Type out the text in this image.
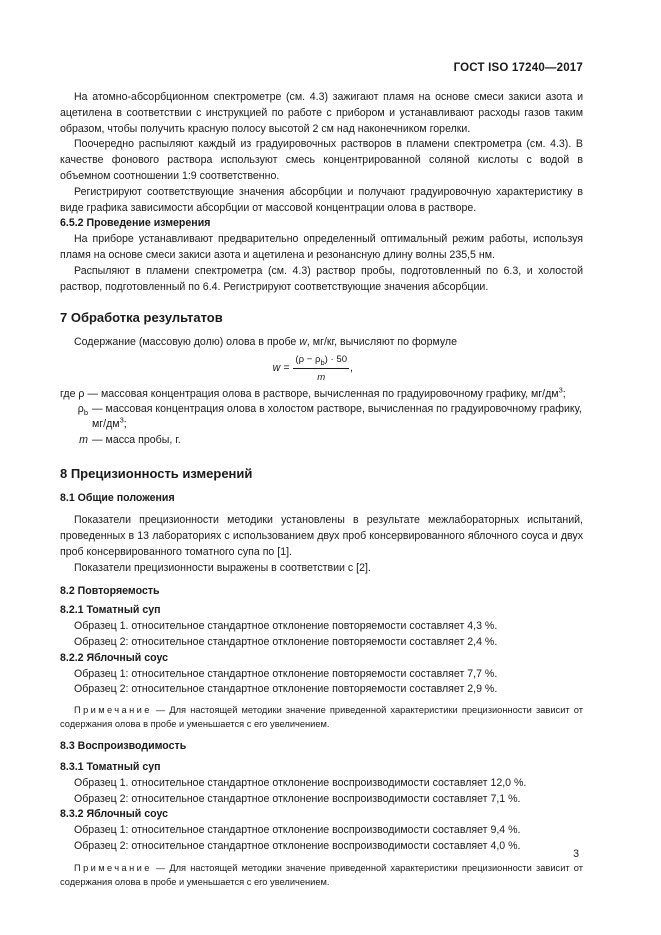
ГОСТ ISO 17240—2017

На атомно-абсорбционном спектрометре (см. 4.3) зажигают пламя на основе смеси закиси азота и ацетилена в соответствии с инструкцией по работе с прибором и устанавливают расходы газов таким образом, чтобы получить красную полосу высотой 2 см над наконечником горелки.

Поочередно распыляют каждый из градуировочных растворов в пламени спектрометра (см. 4.3). В качестве фонового раствора используют смесь концентрированной соляной кислоты с водой в объемном соотношении 1:9 соответственно.

Регистрируют соответствующие значения абсорбции и получают градуировочную характеристику в виде графика зависимости абсорбции от массовой концентрации олова в растворе.

6.5.2 Проведение измерения

На приборе устанавливают предварительно определенный оптимальный режим работы, используя пламя на основе смеси закиси азота и ацетилена и резонансную длину волны 235,5 нм.

Распыляют в пламени спектрометра (см. 4.3) раствор пробы, подготовленный по 6.3, и холостой раствор, подготовленный по 6.4. Регистрируют соответствующие значения абсорбции.

7 Обработка результатов

Содержание (массовую долю) олова в пробе w, мг/кг, вычисляют по формуле

$w = \frac{(\rho - \rho_b) \cdot 50}{m}$ ,
где ρ — массовая концентрация олова в растворе, вычисленная по градуировочному графику, $мг/дм^3$;
$\rho_b$ — массовая концентрация олова в холостом растворе, вычисленная по градуировочному графику, $мг/дм^3$;
m — масса пробы, г.

8 Прецизионность измерений

8.1 Общие положения

Показатели прецизионности методики установлены в результате межлабораторных испытаний, проведенных в 13 лабораториях с использованием двух проб консервированного яблочного соуса и двух проб консервированного томатного супа по [1].

Показатели прецизионности выражены в соответствии с [2].

8.2 Повторяемость

8.2.1 Томатный суп

Образец 1. относительное стандартное отклонение повторяемости составляет 4,3 %.

Образец 2: относительное стандартное отклонение повторяемости составляет 2,4 %.

8.2.2 Яблочный соус

Образец 1: относительное стандартное отклонение повторяемости составляет 7,7 %.

Образец 2: относительное стандартное отклонение повторяемости составляет 2,9 %.

Примечание — Для настоящей методики значение приведенной характеристики прецизионности зависит от содержания олова в пробе и уменьшается с его увеличением.

8.3 Воспроизводимость

8.3.1 Томатный суп

Образец 1. относительное стандартное отклонение воспроизводимости составляет 12,0 %.

Образец 2: относительное стандартное отклонение воспроизводимости составляет 7,1 %.

8.3.2 Яблочный соус

Образец 1: относительное стандартное отклонение воспроизводимости составляет 9,4 %.

Образец 2: относительное стандартное отклонение воспроизводимости составляет 4,0 %.

Примечание — Для настоящей методики значение приведенной характеристики прецизионности зависит от содержания олова в пробе и уменьшается с его увеличением.

3
